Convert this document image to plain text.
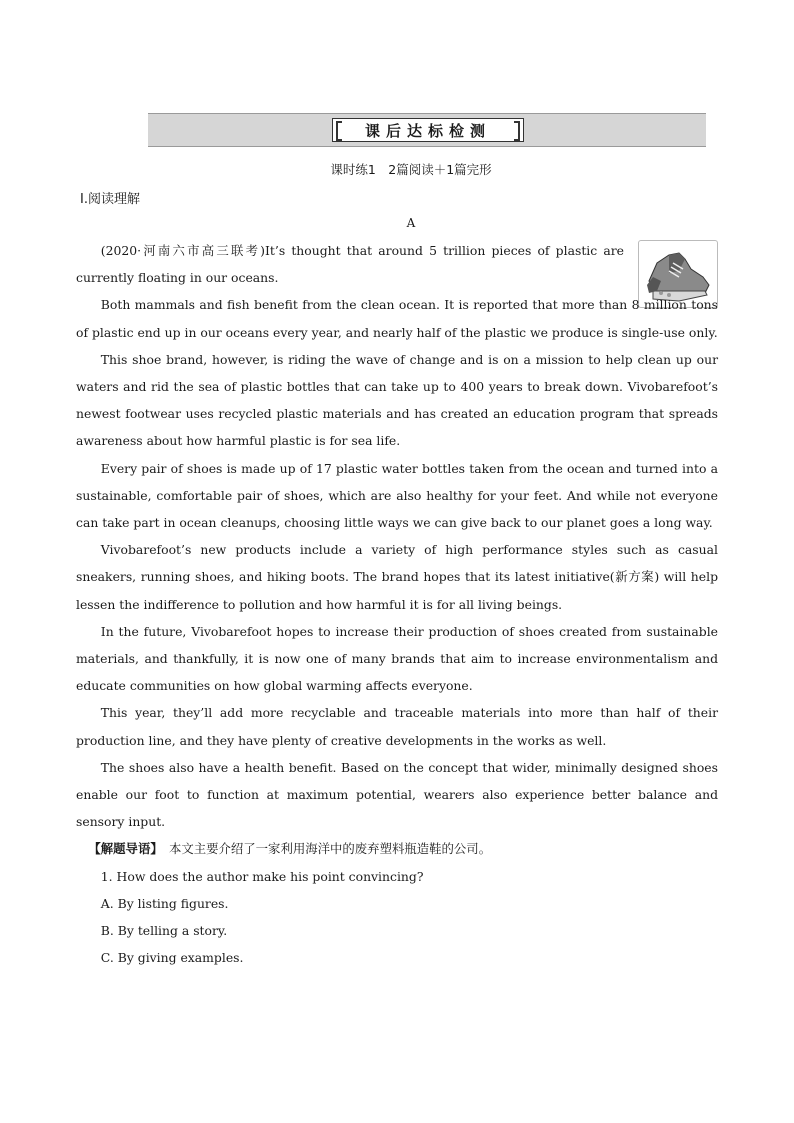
课后达标检测
课时练1　2篇阅读＋1篇完形
Ⅰ.阅读理解
A

(2020·河南六市高三联考)It’s thought that around 5 trillion pieces of plastic are currently floating in our oceans.

Both mammals and fish benefit from the clean ocean. It is reported that more than 8 million tons of plastic end up in our oceans every year, and nearly half of the plastic we produce is single-use only.

This shoe brand, however, is riding the wave of change and is on a mission to help clean up our waters and rid the sea of plastic bottles that can take up to 400 years to break down. Vivobarefoot’s newest footwear uses recycled plastic materials and has created an education program that spreads awareness about how harmful plastic is for sea life.

Every pair of shoes is made up of 17 plastic water bottles taken from the ocean and turned into a sustainable, comfortable pair of shoes, which are also healthy for your feet. And while not everyone can take part in ocean cleanups, choosing little ways we can give back to our planet goes a long way.

Vivobarefoot’s new products include a variety of high performance styles such as casual sneakers, running shoes, and hiking boots. The brand hopes that its latest initiative(新方案) will help lessen the indifference to pollution and how harmful it is for all living beings.

In the future, Vivobarefoot hopes to increase their production of shoes created from sustainable materials, and thankfully, it is now one of many brands that aim to increase environmentalism and educate communities on how global warming affects everyone.

This year, they’ll add more recyclable and traceable materials into more than half of their production line, and they have plenty of creative developments in the works as well.

The shoes also have a health benefit. Based on the concept that wider, minimally designed shoes enable our foot to function at maximum potential, wearers also experience better balance and sensory input.

【解题导语】　 本文主要介绍了一家利用海洋中的废弃塑料瓶造鞋的公司。

1. How does the author make his point convincing?

A. By listing figures.

B. By telling a story.

C. By giving examples.
